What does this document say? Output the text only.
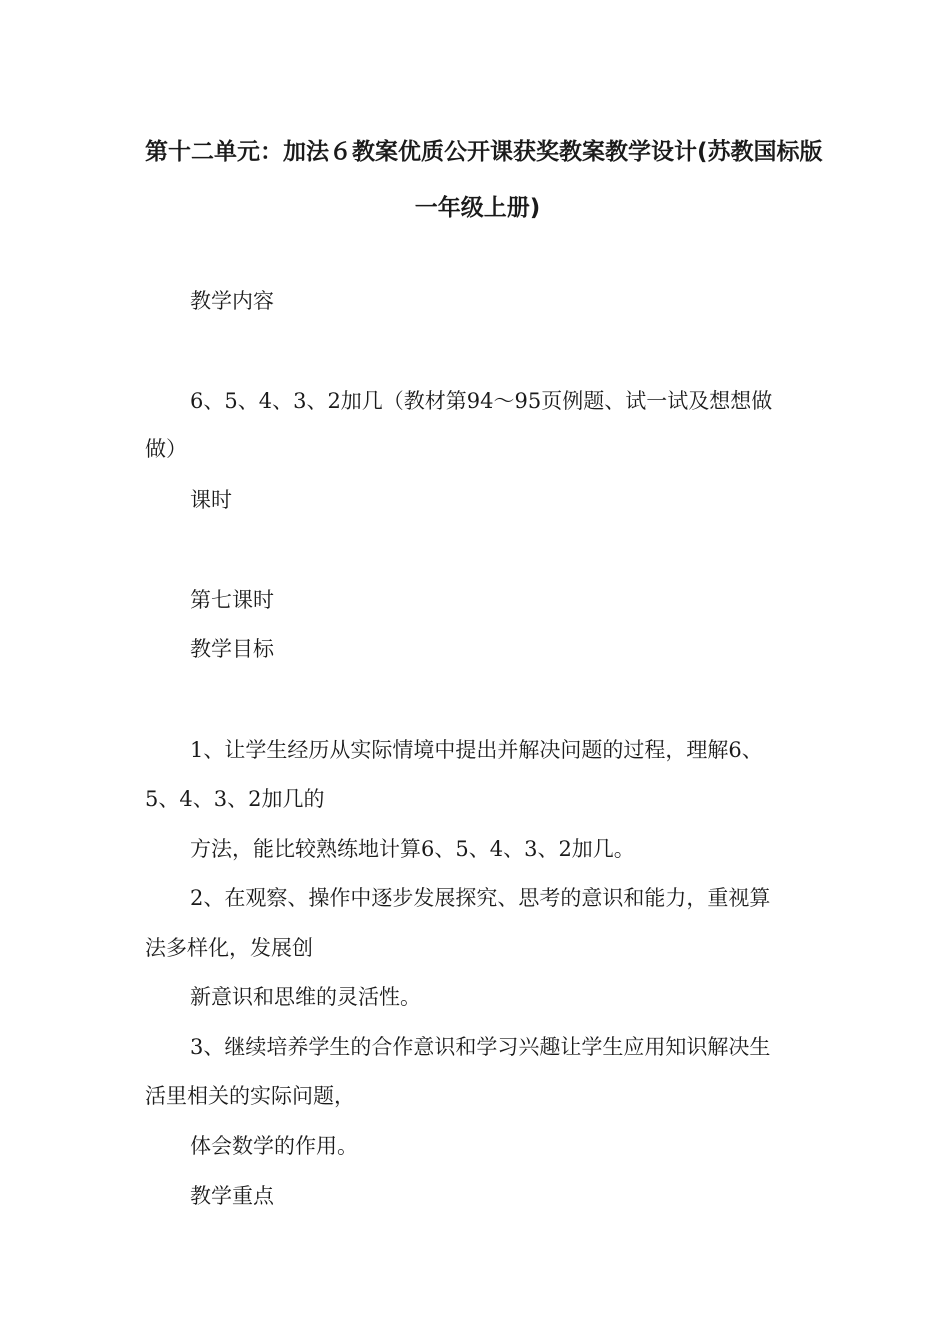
第十二单元：加法６教案优质公开课获奖教案教学设计(苏教国标版
一年级上册)

教学内容

6、5、4、3、2加几（教材第94～95页例题、试一试及想想做

做）

课时

第七课时

教学目标

1、让学生经历从实际情境中提出并解决问题的过程，理解6、

5、4、3、2加几的

方法，能比较熟练地计算6、5、4、3、2加几。

2、在观察、操作中逐步发展探究、思考的意识和能力，重视算

法多样化，发展创

新意识和思维的灵活性。

3、继续培养学生的合作意识和学习兴趣让学生应用知识解决生

活里相关的实际问题，

体会数学的作用。

教学重点
